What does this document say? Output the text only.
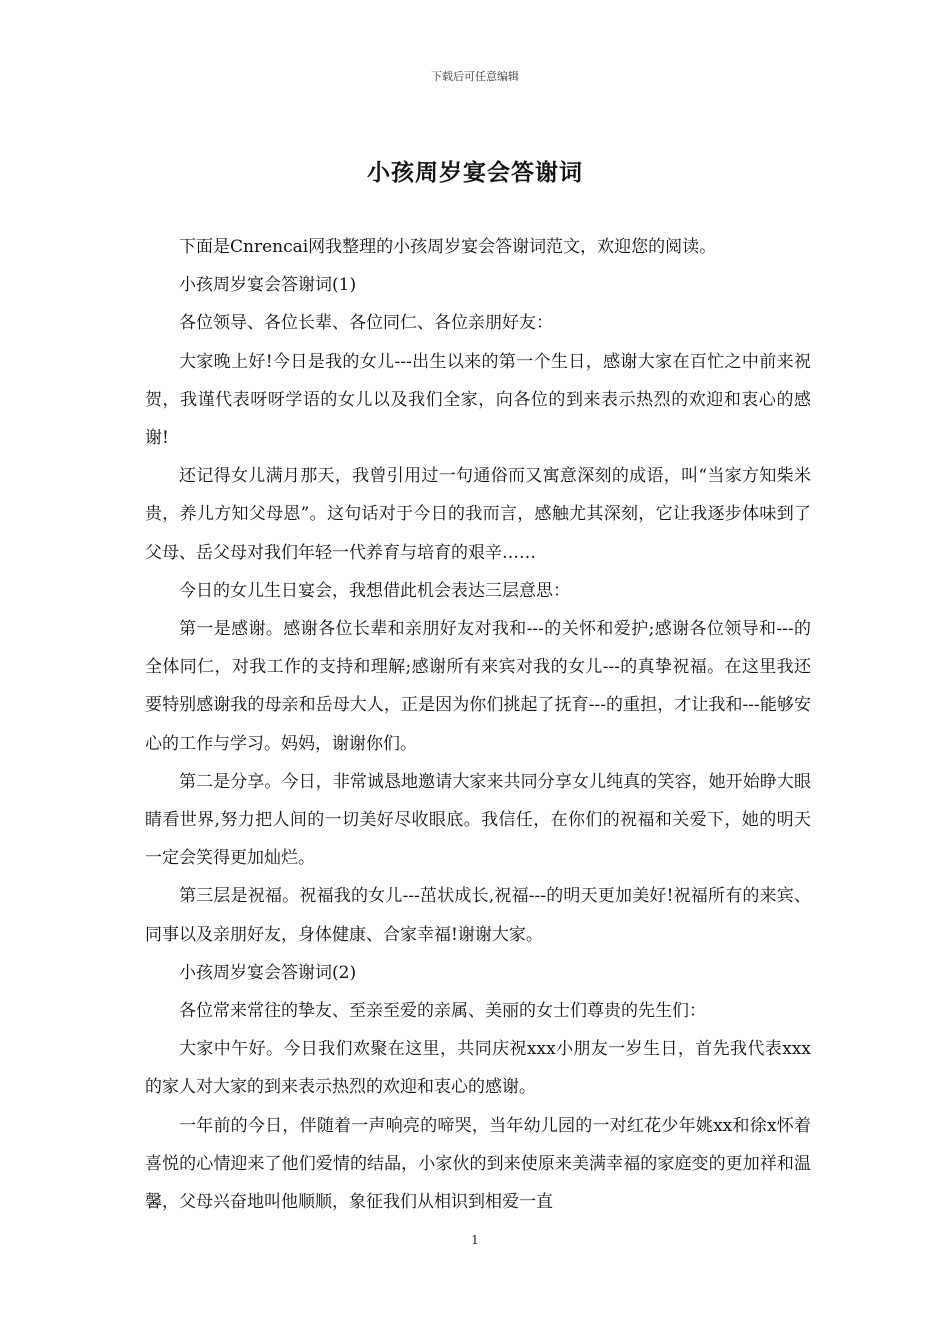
下载后可任意编辑
小孩周岁宴会答谢词

下面是Cnrencai网我整理的小孩周岁宴会答谢词范文，欢迎您的阅读。

小孩周岁宴会答谢词(1)

各位领导、各位长辈、各位同仁、各位亲朋好友：

大家晚上好!今日是我的女儿---出生以来的第一个生日，感谢大家在百忙之中前来祝贺，我谨代表呀呀学语的女儿以及我们全家，向各位的到来表示热烈的欢迎和衷心的感谢!

还记得女儿满月那天，我曾引用过一句通俗而又寓意深刻的成语，叫“当家方知柴米贵，养儿方知父母恩”。这句话对于今日的我而言，感触尤其深刻，它让我逐步体味到了父母、岳父母对我们年轻一代养育与培育的艰辛……

今日的女儿生日宴会，我想借此机会表达三层意思：

第一是感谢。感谢各位长辈和亲朋好友对我和---的关怀和爱护;感谢各位领导和---的全体同仁，对我工作的支持和理解;感谢所有来宾对我的女儿---的真挚祝福。在这里我还要特别感谢我的母亲和岳母大人，正是因为你们挑起了抚育---的重担，才让我和---能够安心的工作与学习。妈妈，谢谢你们。

第二是分享。今日，非常诚恳地邀请大家来共同分享女儿纯真的笑容，她开始睁大眼睛看世界,努力把人间的一切美好尽收眼底。我信任，在你们的祝福和关爱下，她的明天一定会笑得更加灿烂。

第三层是祝福。祝福我的女儿---茁状成长,祝福---的明天更加美好!祝福所有的来宾、同事以及亲朋好友，身体健康、合家幸福!谢谢大家。

小孩周岁宴会答谢词(2)

各位常来常往的挚友、至亲至爱的亲属、美丽的女士们尊贵的先生们：

大家中午好。今日我们欢聚在这里，共同庆祝xxx小朋友一岁生日，首先我代表xxx的家人对大家的到来表示热烈的欢迎和衷心的感谢。

一年前的今日，伴随着一声响亮的啼哭，当年幼儿园的一对红花少年姚xx和徐x怀着喜悦的心情迎来了他们爱情的结晶，小家伙的到来使原来美满幸福的家庭变的更加祥和温馨，父母兴奋地叫他顺顺，象征我们从相识到相爱一直

1
